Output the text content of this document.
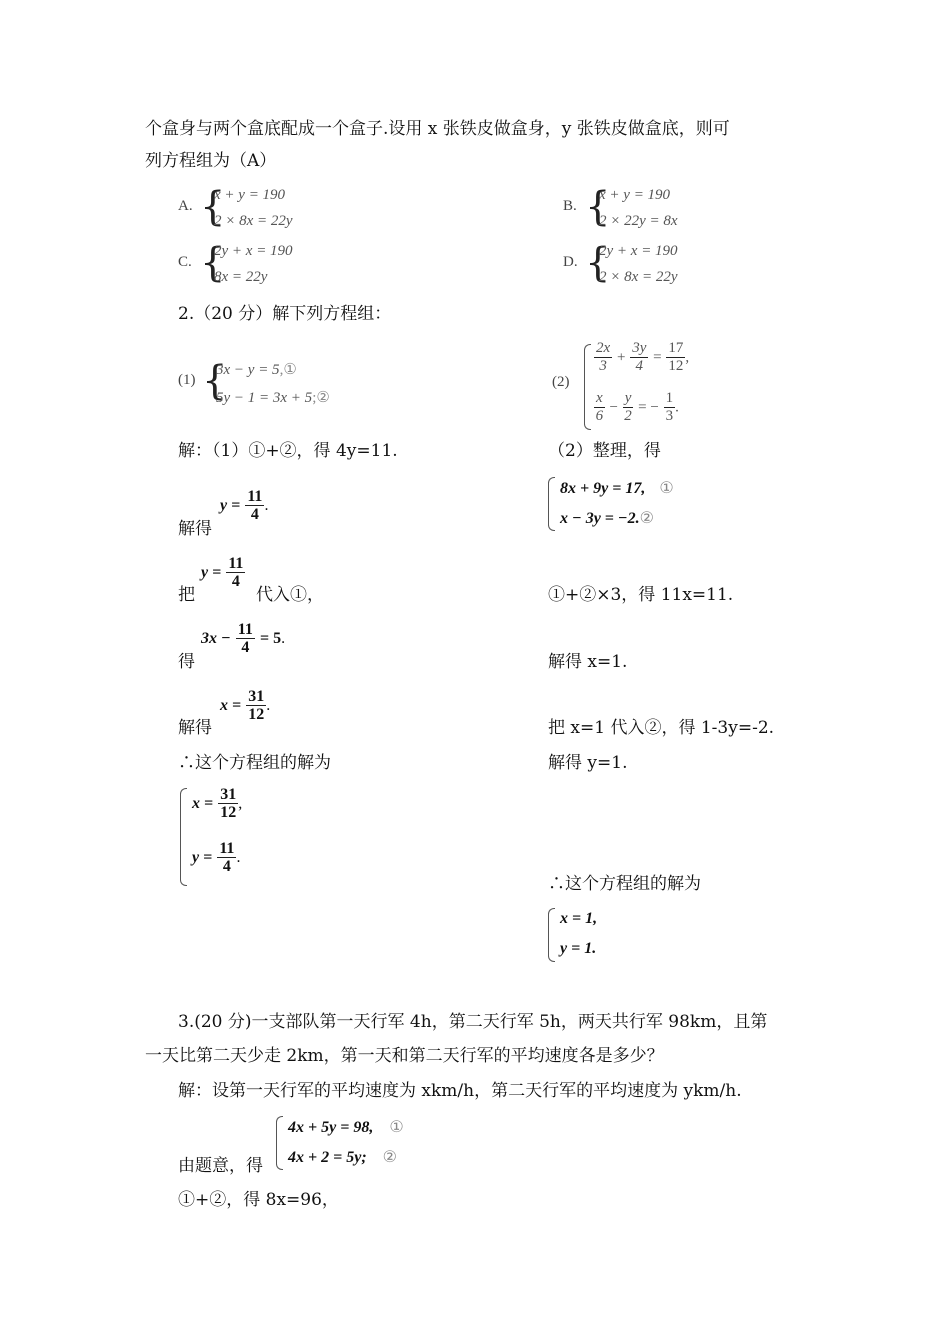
个盒身与两个盒底配成一个盒子.设用 x 张铁皮做盒身，y 张铁皮做盒底，则可
列方程组为（A）
A. {
x + y = 190
2 × 8x = 22y
B. {
x + y = 190
2 × 22y = 8x
C. {
2y + x = 190
8x = 22y
D. {
2y + x = 190
2 × 8x = 22y
2.（20 分）解下列方程组：
(1) {
3x − y = 5,①
5y − 1 = 3x + 5;②
(2)
$\frac{2x}{3} + \frac{3y}{4} = \frac{17}{12}$ ,
$\frac{x}{6} - \frac{y}{2}$ = − $\frac{1}{3}$ .
解：（1）①+②，得 4y=11.
解得
$y = \frac{11}{4}$ .
把
$y = \frac{11}{4}$
代入①，
得
$3x - \frac{11}{4} = 5$.
解得
$x = \frac{31}{12}$ .
∴这个方程组的解为
$x = \frac{31}{12}$ ,
$y = \frac{11}{4}$ .
（2）整理，得
8x + 9y = 17, ①
x − 3y = −2.②
①+②×3，得 11x=11.
解得 x=1.
把 x=1 代入②，得 1-3y=-2.
解得 y=1.
∴这个方程组的解为
x = 1,
y = 1.
3.(20 分)一支部队第一天行军 4h，第二天行军 5h，两天共行军 98km，且第
一天比第二天少走 2km，第一天和第二天行军的平均速度各是多少？
解：设第一天行军的平均速度为 xkm/h，第二天行军的平均速度为 ykm/h.
4x + 5y = 98, ①
4x + 2 = 5y; ②
由题意，得
①+②，得 8x=96，
